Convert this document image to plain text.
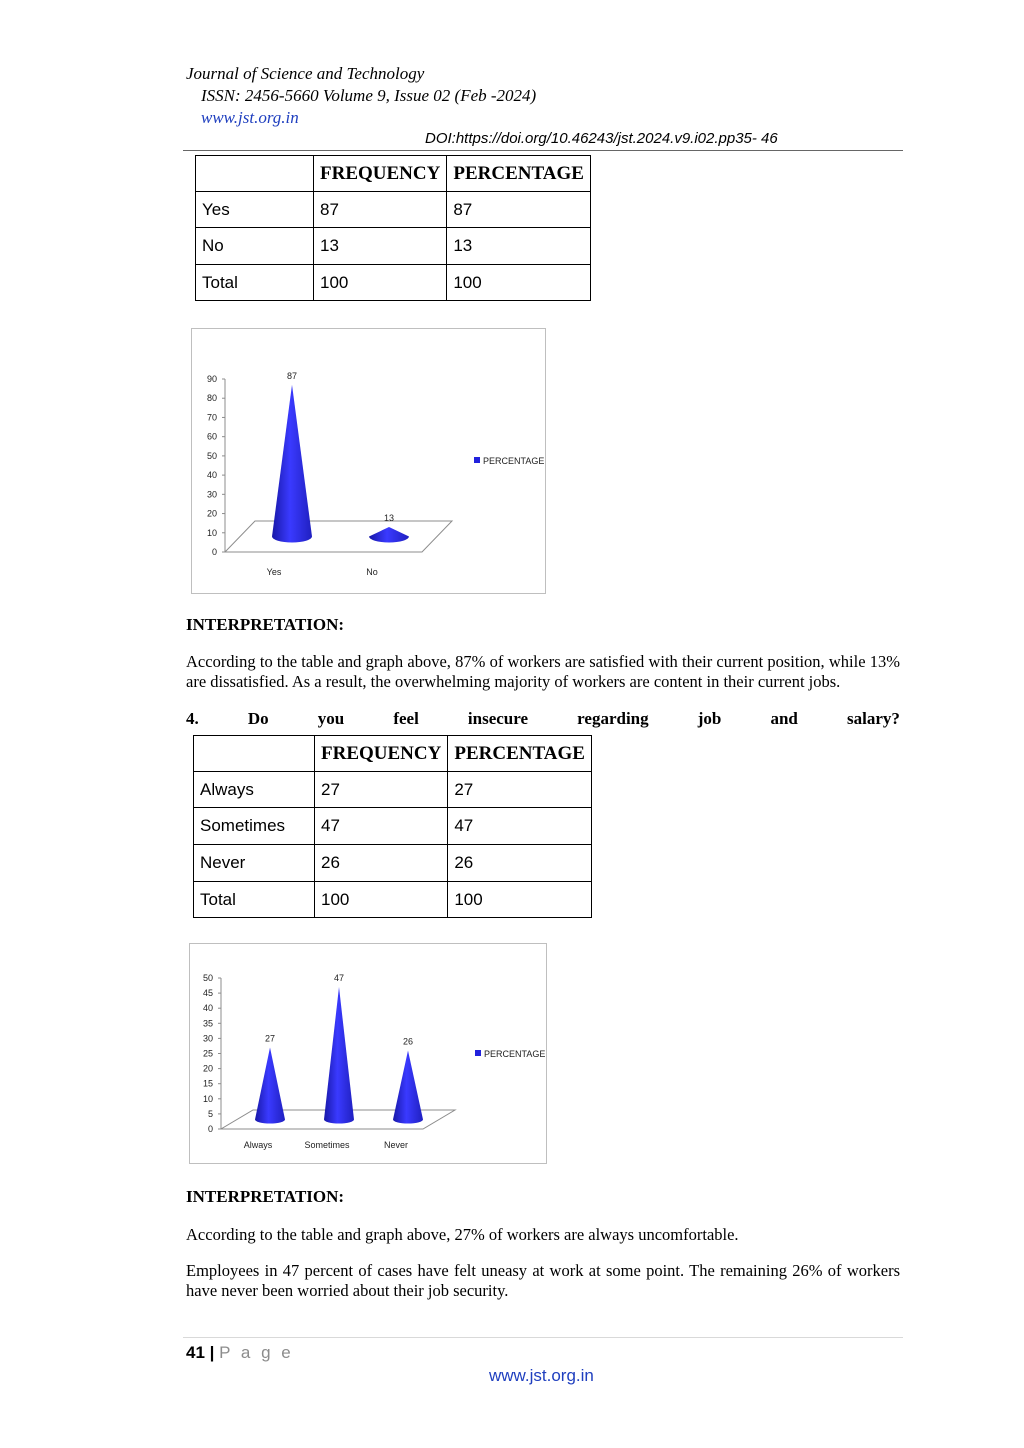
Journal of Science and Technology
ISSN: 2456-5660 Volume 9, Issue 02 (Feb -2024)
www.jst.org.in
DOI:https://doi.org/10.46243/jst.2024.v9.i02.pp35- 46
	FREQUENCY	PERCENTAGE
Yes	87	87
No	13	13
Total	100	100
0
10
20
30
40
50
60
70
80
90	87
Yes
13
No
PERCENTAGE
INTERPRETATION:
According to the table and graph above, 87% of workers are satisfied with their current position, while 13% are dissatisfied. As a result, the overwhelming majority of workers are content in their current jobs.
4.	Do	you	feel	insecure	regarding	job	and	salary?
	FREQUENCY	PERCENTAGE
Always	27	27
Sometimes	47	47
Never	26	26
Total	100	100
0
5
10
15
20
25
30
35
40
45
50
27
Always
47
Sometimes
26
Never
PERCENTAGE
INTERPRETATION:
According to the table and graph above, 27% of workers are always uncomfortable.
Employees in 47 percent of cases have felt uneasy at work at some point. The remaining 26% of workers have never been worried about their job security.
41 | P a g e
www.jst.org.in
